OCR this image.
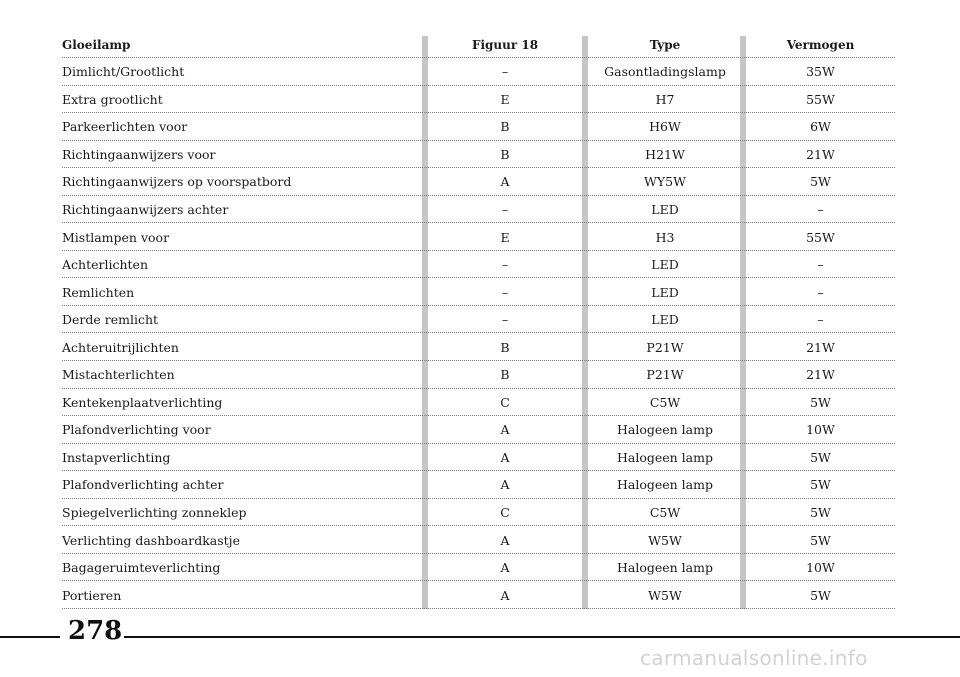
Gloeilamp	Figuur 18	Type	Vermogen
Dimlicht/Grootlicht	–	Gasontladingslamp	35W
Extra grootlicht	E	H7	55W
Parkeerlichten voor	B	H6W	6W
Richtingaanwijzers voor	B	H21W	21W
Richtingaanwijzers op voorspatbord	A	WY5W	5W
Richtingaanwijzers achter	–	LED	–
Mistlampen voor	E	H3	55W
Achterlichten	–	LED	–
Remlichten	–	LED	–
Derde remlicht	–	LED	–
Achteruitrijlichten	B	P21W	21W
Mistachterlichten	B	P21W	21W
Kentekenplaatverlichting	C	C5W	5W
Plafondverlichting voor	A	Halogeen lamp	10W
Instapverlichting	A	Halogeen lamp	5W
Plafondverlichting achter	A	Halogeen lamp	5W
Spiegelverlichting zonneklep	C	C5W	5W
Verlichting dashboardkastje	A	W5W	5W
Bagageruimteverlichting	A	Halogeen lamp	10W
Portieren	A	W5W	5W
278
carmanualsonline.info
